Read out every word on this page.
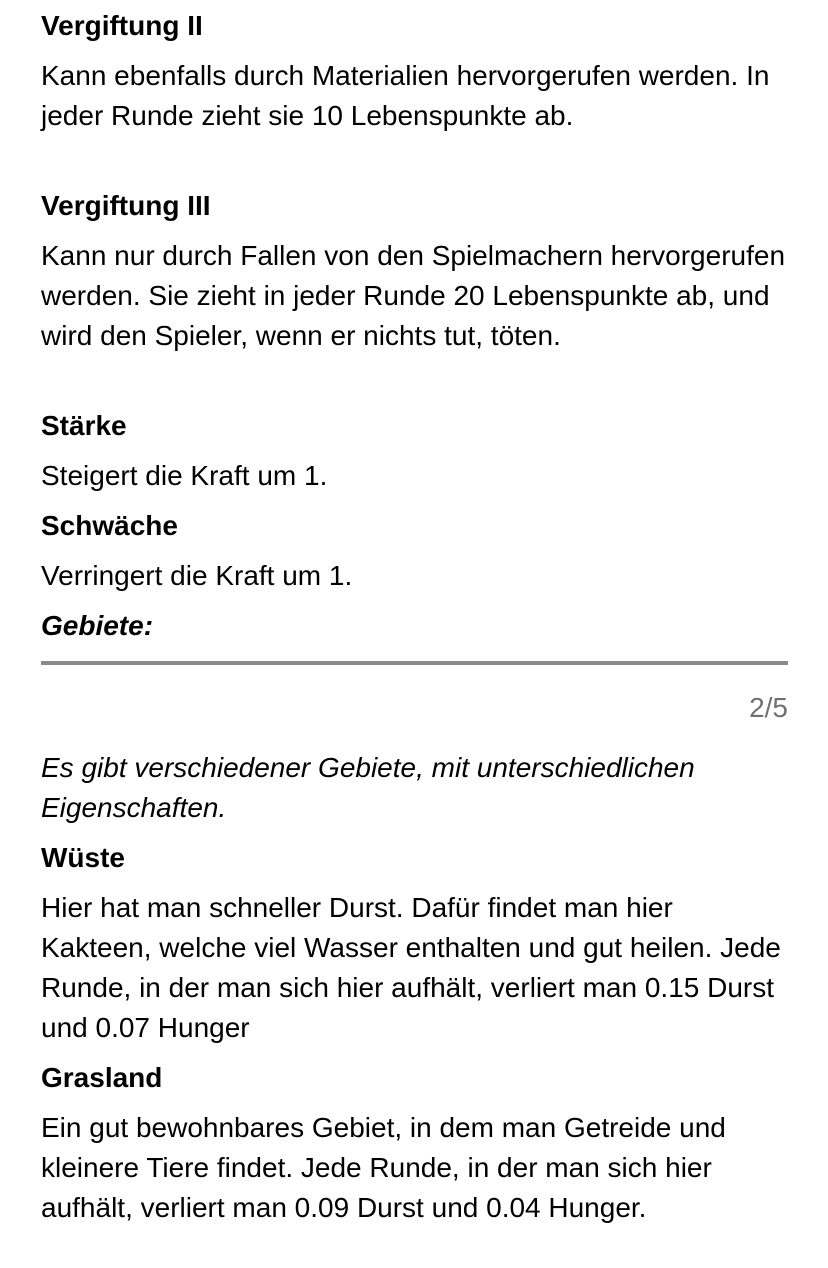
Vergiftung II
Kann ebenfalls durch Materialien hervorgerufen werden. In jeder Runde zieht sie 10 Lebenspunkte ab.
Vergiftung III
Kann nur durch Fallen von den Spielmachern hervorgerufen werden. Sie zieht in jeder Runde 20 Lebenspunkte ab, und wird den Spieler, wenn er nichts tut, töten.
Stärke
Steigert die Kraft um 1.
Schwäche
Verringert die Kraft um 1.
Gebiete:
2/5
Es gibt verschiedener Gebiete, mit unterschiedlichen Eigenschaften.
Wüste
Hier hat man schneller Durst. Dafür findet man hier Kakteen, welche viel Wasser enthalten und gut heilen. Jede Runde, in der man sich hier aufhält, verliert man 0.15 Durst und 0.07 Hunger
Grasland
Ein gut bewohnbares Gebiet, in dem man Getreide und kleinere Tiere findet. Jede Runde, in der man sich hier aufhält, verliert man 0.09 Durst und 0.04 Hunger.
